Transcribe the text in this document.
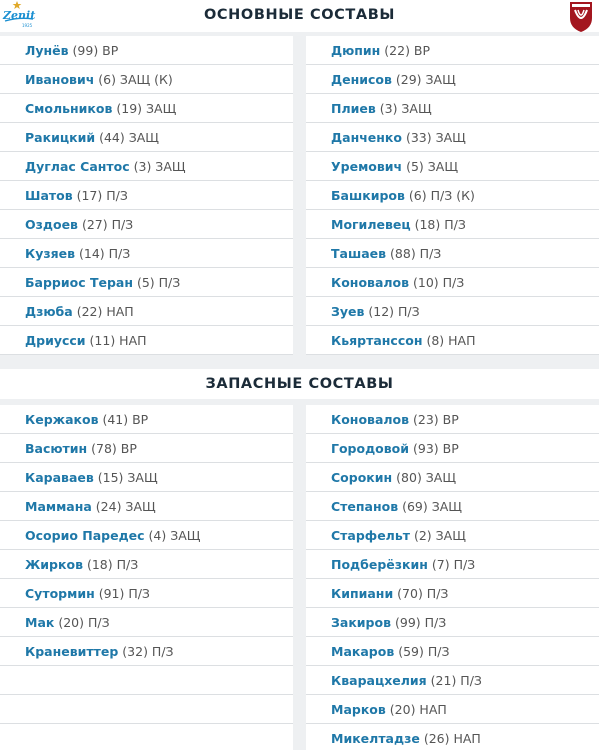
Zenit
1925
ОСНОВНЫЕ СОСТАВЫ
Лунёв (99) ВР
Иванович (6) ЗАЩ (К)
Смольников (19) ЗАЩ
Ракицкий (44) ЗАЩ
Дуглас Сантос (3) ЗАЩ
Шатов (17) П/З
Оздоев (27) П/З
Кузяев (14) П/З
Барриос Теран (5) П/З
Дзюба (22) НАП
Дриусси (11) НАП
Дюпин (22) ВР
Денисов (29) ЗАЩ
Плиев (3) ЗАЩ
Данченко (33) ЗАЩ
Уремович (5) ЗАЩ
Башкиров (6) П/З (К)
Могилевец (18) П/З
Ташаев (88) П/З
Коновалов (10) П/З
Зуев (12) П/З
Кьяртанссон (8) НАП
ЗАПАСНЫЕ СОСТАВЫ
Кержаков (41) ВР
Васютин (78) ВР
Караваев (15) ЗАЩ
Маммана (24) ЗАЩ
Осорио Паредес (4) ЗАЩ
Жирков (18) П/З
Сутормин (91) П/З
Мак (20) П/З
Краневиттер (32) П/З
Коновалов (23) ВР
Городовой (93) ВР
Сорокин (80) ЗАЩ
Степанов (69) ЗАЩ
Старфельт (2) ЗАЩ
Подберёзкин (7) П/З
Кипиани (70) П/З
Закиров (99) П/З
Макаров (59) П/З
Кварацхелия (21) П/З
Марков (20) НАП
Микелтадзе (26) НАП
